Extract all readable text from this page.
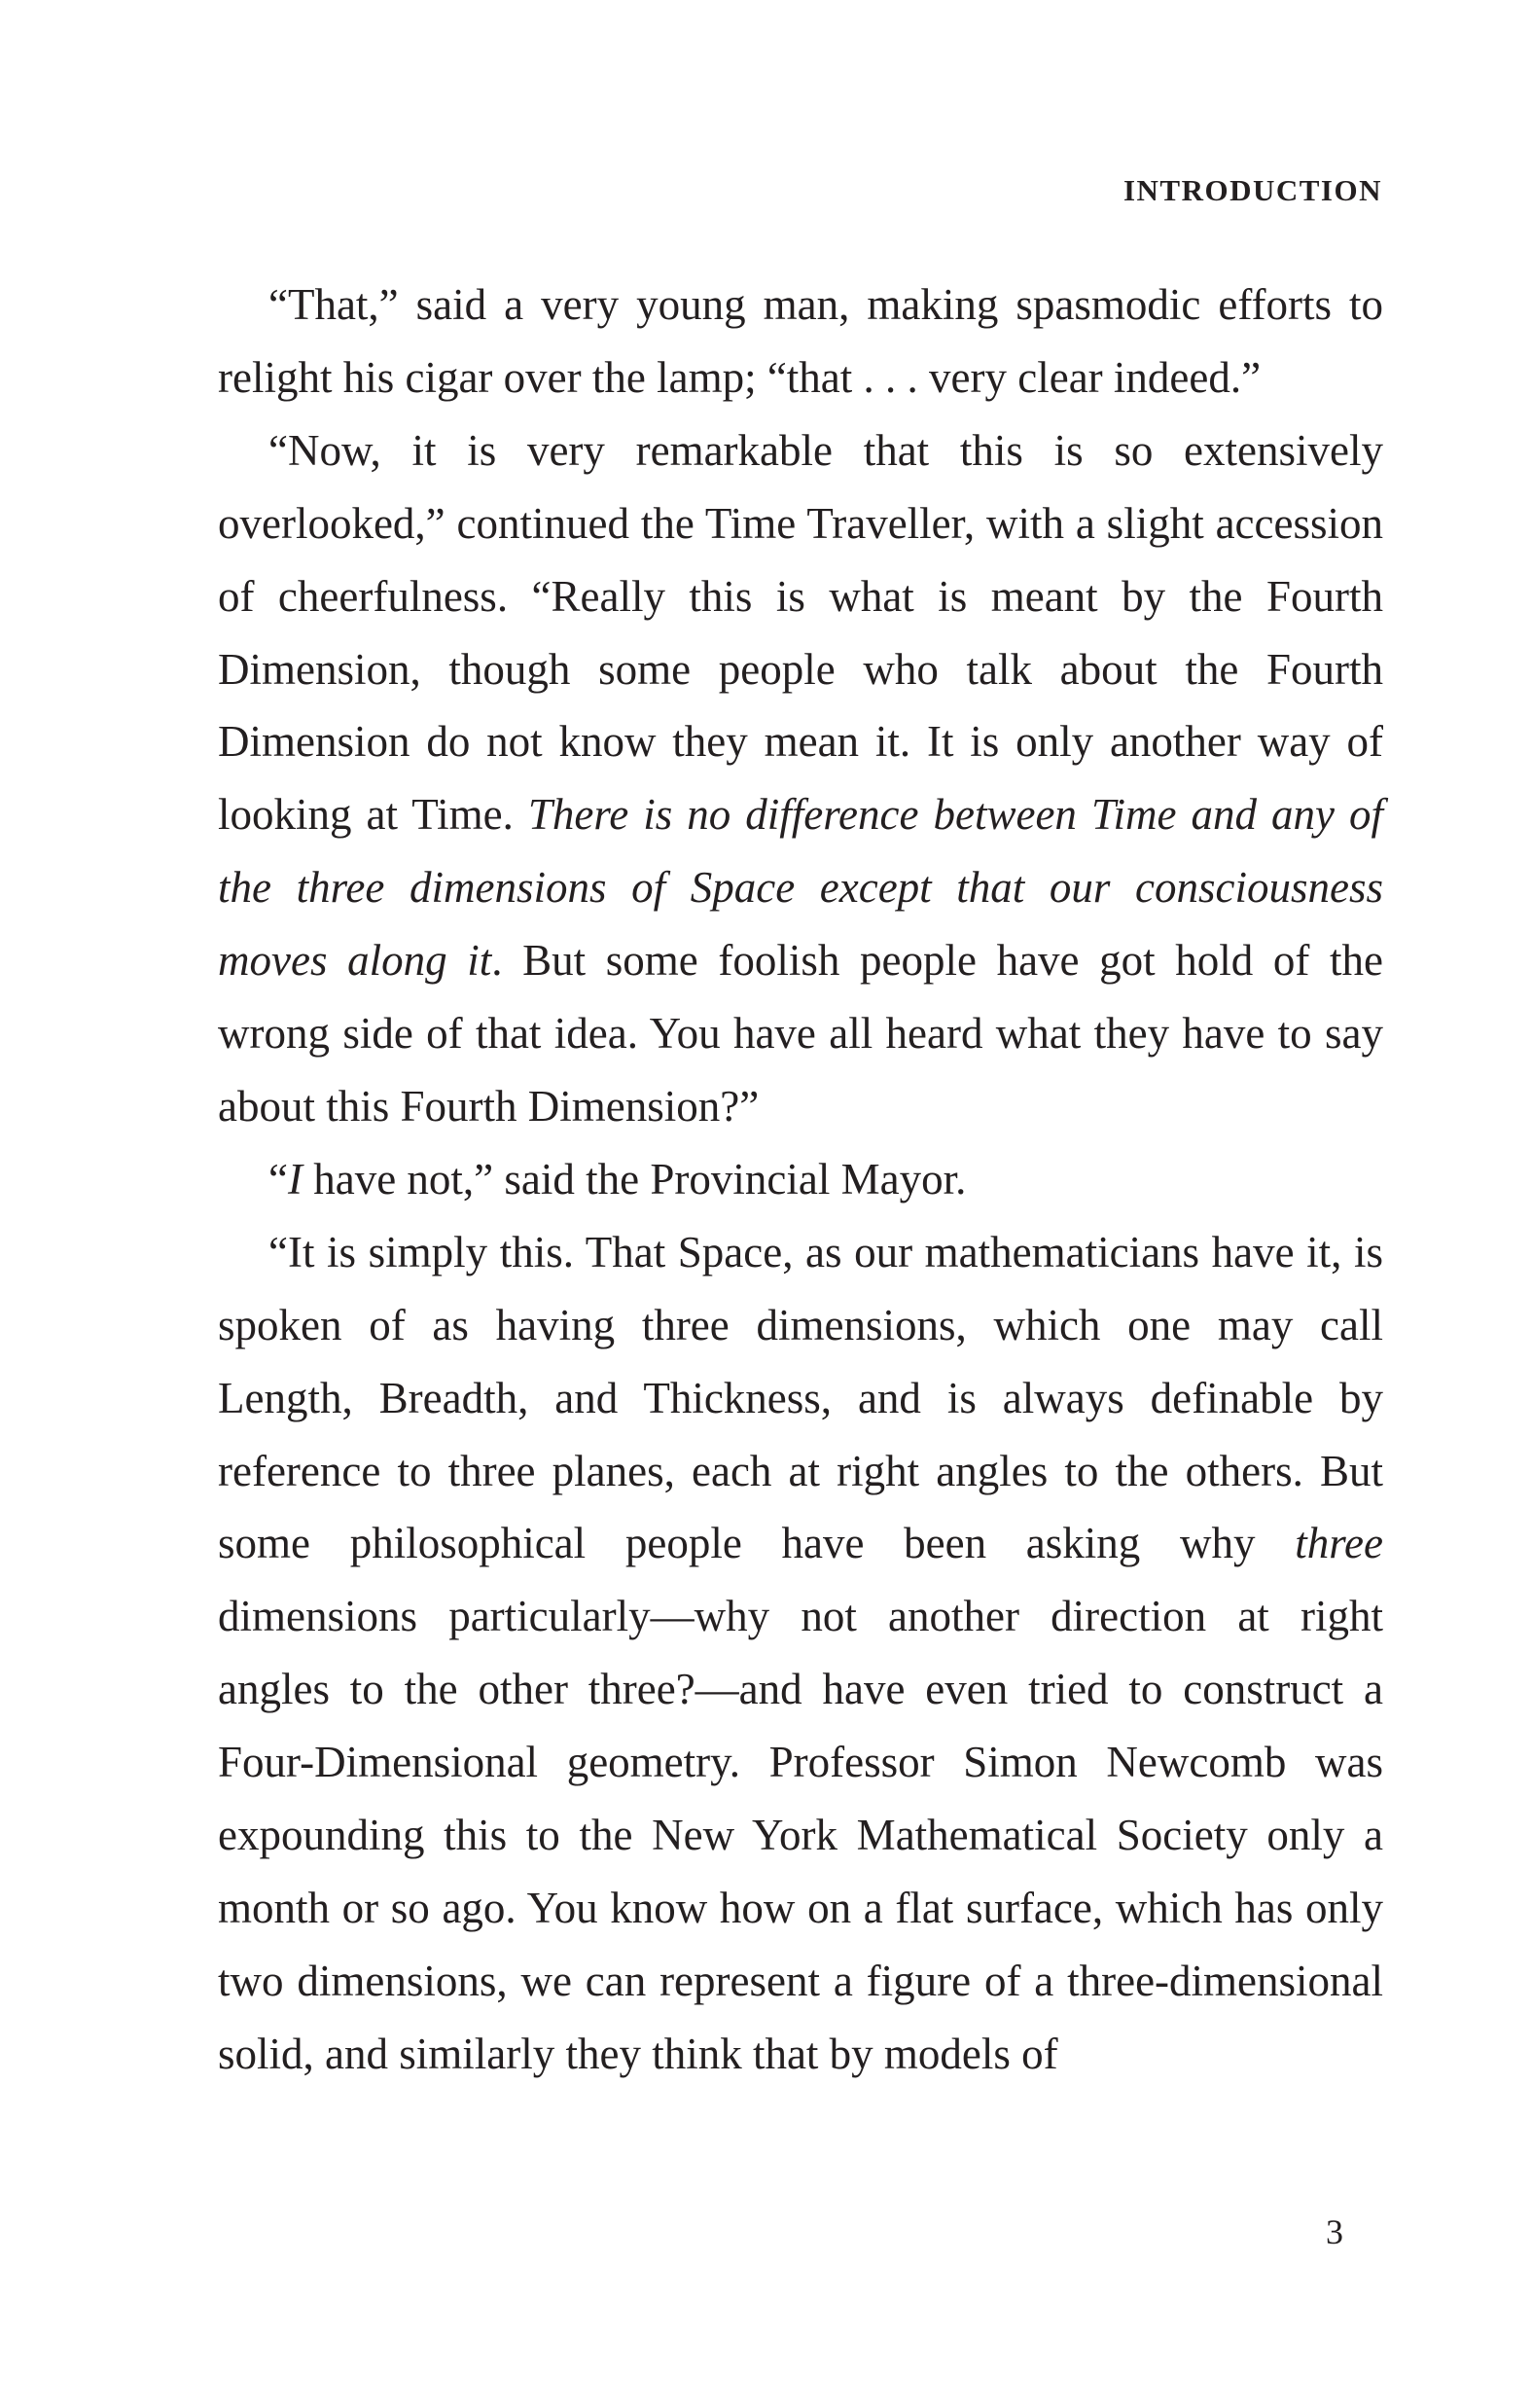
INTRODUCTION

“That,” said a very young man, making spasmodic efforts to relight his cigar over the lamp; “that . . . very clear indeed.”

“Now, it is very remarkable that this is so extensively overlooked,” continued the Time Traveller, with a slight accession of cheerfulness. “Really this is what is meant by the Fourth Dimension, though some people who talk about the Fourth Dimension do not know they mean it. It is only another way of looking at Time. There is no difference between Time and any of the three dimensions of Space except that our consciousness moves along it. But some foolish people have got hold of the wrong side of that idea. You have all heard what they have to say about this Fourth Dimension?”

“I have not,” said the Provincial Mayor.

“It is simply this. That Space, as our mathematicians have it, is spoken of as having three dimensions, which one may call Length, Breadth, and Thickness, and is always definable by reference to three planes, each at right angles to the others. But some philosophical people have been asking why three dimensions particularly—why not another direction at right angles to the other three?—and have even tried to construct a Four-Dimensional geometry. Professor Simon Newcomb was expounding this to the New York Mathematical Society only a month or so ago. You know how on a flat surface, which has only two dimensions, we can represent a figure of a three-dimensional solid, and similarly they think that by models of

3
